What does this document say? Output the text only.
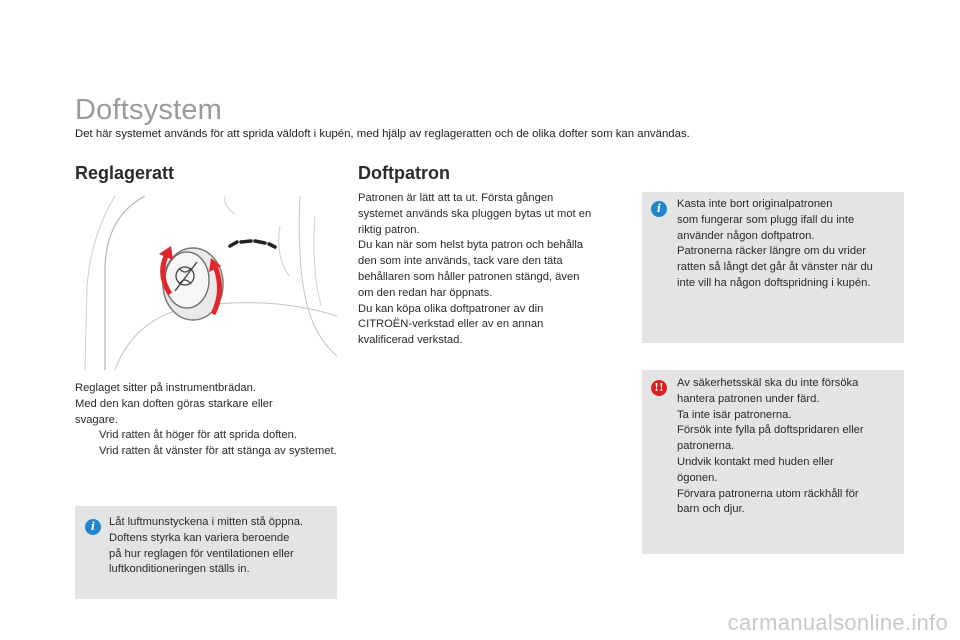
Doftsystem
Det här systemet används för att sprida väldoft i kupén, med hjälp av reglageratten och de olika dofter som kan användas.
Reglageratt	Doftpatron

Reglaget sitter på instrumentbrädan.

Med den kan doften göras starkare eller

svagare.

Vrid ratten åt höger för att sprida doften.

Vrid ratten åt vänster för att stänga av systemet.

i	Låt luftmunstyckena i mitten stå öppna.

Doftens styrka kan variera beroende

på hur reglagen för ventilationen eller

luftkonditioneringen ställs in.

Patronen är lätt att ta ut. Första gången

systemet används ska pluggen bytas ut mot en

riktig patron.

Du kan när som helst byta patron och behålla

den som inte används, tack vare den täta

behållaren som håller patronen stängd, även

om den redan har öppnats.

Du kan köpa olika doftpatroner av din

CITROËN-verkstad eller av en annan

kvalificerad verkstad.

i	Kasta inte bort originalpatronen

som fungerar som plugg ifall du inte

använder någon doftpatron.

Patronerna räcker längre om du vrider

ratten så långt det går åt vänster när du

inte vill ha någon doftspridning i kupén.

!! Av säkerhetsskäl ska du inte försöka

hantera patronen under färd.

Ta inte isär patronerna.

Försök inte fylla på doftspridaren eller

patronerna.

Undvik kontakt med huden eller

ögonen.

Förvara patronerna utom räckhåll för

barn och djur.

carmanualsonline.info
